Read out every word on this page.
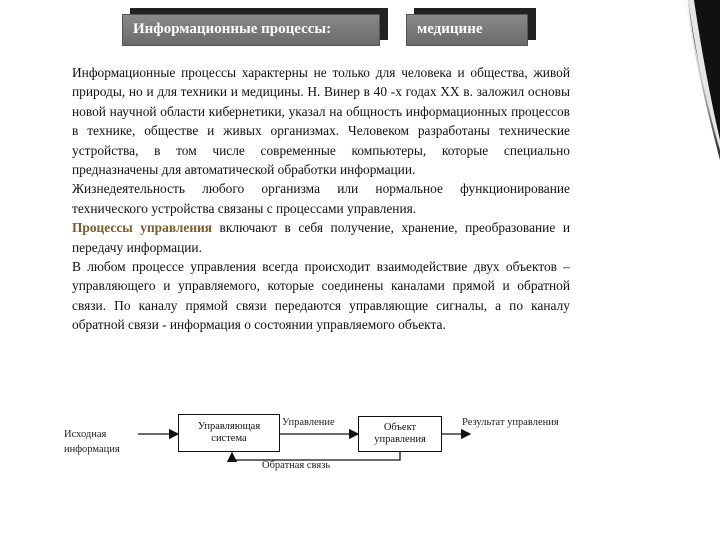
Информационные процессы:	медицине

Информационные процессы характерны не только для человека и общества, живой природы, но и для техники и медицины. Н. Винер в 40 -х годах XX в. заложил основы новой научной области кибернетики, указал на общность информационных процессов в технике, обществе и живых организмах. Человеком разработаны технические устройства, в том числе современные компьютеры, которые специально предназначены для автоматической обработки информации.

Жизнедеятельность любого организма или нормальное функционирование технического устройства связаны с процессами управления.

Процессы управления включают в себя получение, хранение, преобразование и передачу информации.

В любом процессе управления всегда происходит взаимодействие двух объектов – управляющего и управляемого, которые соединены каналами прямой и обратной связи. По каналу прямой связи передаются управляющие сигналы, а по каналу обратной связи - информация о состоянии управляемого объекта.

Исходная
информация
Управляющая
система
Управление	Объект
управления
Результат управления
Обратная связь
